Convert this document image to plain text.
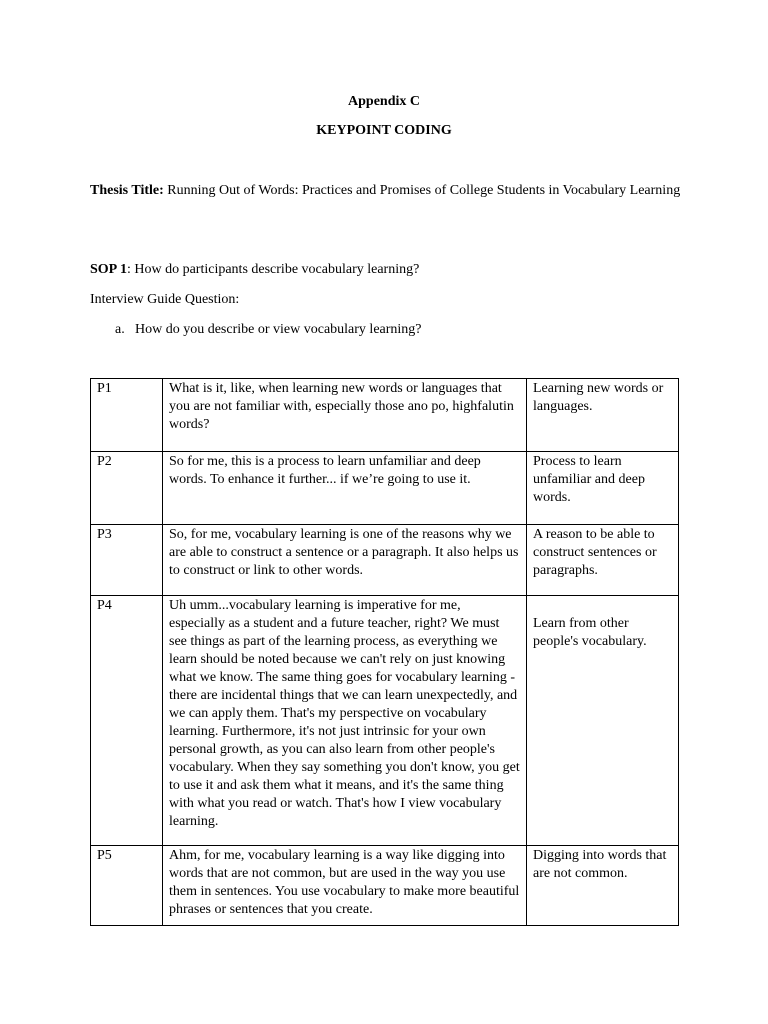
Appendix C
KEYPOINT CODING
Thesis Title: Running Out of Words: Practices and Promises of College Students in Vocabulary Learning
SOP 1: How do participants describe vocabulary learning?
Interview Guide Question:
a. How do you describe or view vocabulary learning?
P1	What is it, like, when learning new words or languages that you are not familiar with, especially those ano po, highfalutin words?	Learning new words or languages.
P2	So for me, this is a process to learn unfamiliar and deep words. To enhance it further... if we’re going to use it.	Process to learn unfamiliar and deep words.
P3	So, for me, vocabulary learning is one of the reasons why we are able to construct a sentence or a paragraph. It also helps us to construct or link to other words.	A reason to be able to construct sentences or paragraphs.
P4	Uh umm...vocabulary learning is imperative for me, especially as a student and a future teacher, right? We must see things as part of the learning process, as everything we learn should be noted because we can't rely on just knowing what we know. The same thing goes for vocabulary learning - there are incidental things that we can learn unexpectedly, and we can apply them. That's my perspective on vocabulary learning. Furthermore, it's not just intrinsic for your own personal growth, as you can also learn from other people's vocabulary. When they say something you don't know, you get to use it and ask them what it means, and it's the same thing with what you read or watch. That's how I view vocabulary learning.	Learn from other people's vocabulary.
P5	Ahm, for me, vocabulary learning is a way like digging into words that are not common, but are used in the way you use them in sentences. You use vocabulary to make more beautiful phrases or sentences that you create.	Digging into words that are not common.
